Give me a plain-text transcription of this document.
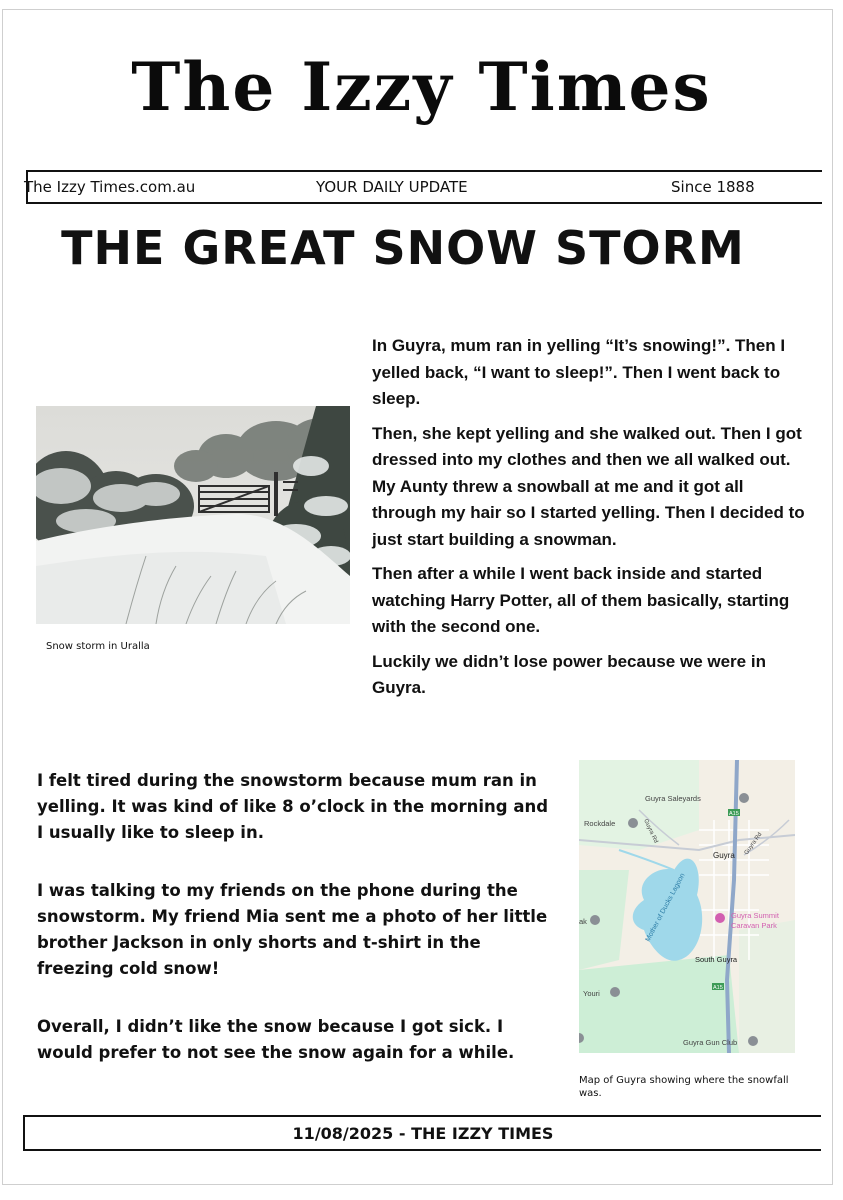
The Izzy Times
The Izzy Times.com.au	YOUR DAILY UPDATE	Since 1888
THE GREAT SNOW STORM
Snow storm in Uralla

In Guyra, mum ran in yelling “It’s snowing!”. Then I yelled back, “I want to sleep!”. Then I went back to sleep.

Then, she kept yelling and she walked out. Then I got dressed into my clothes and then we all walked out. My Aunty threw a snowball at me and it got all through my hair so I started yelling. Then I decided to just start building a snowman.

Then after a while I went back inside and started watching Harry Potter, all of them basically, starting with the second one.

Luckily we didn’t lose power because we were in Guyra.

I felt tired during the snowstorm because mum ran in yelling. It was kind of like 8 o’clock in the morning and I usually like to sleep in.

I was talking to my friends on the phone during the snowstorm. My friend Mia sent me a photo of her little brother Jackson in only shorts and t-shirt in the freezing cold snow!

Overall, I didn’t like the snow because I got sick. I would prefer to not see the snow again for a while.

Guyra Saleyards
Rockdale	Guyra Rd	Guyra Rd
A15
A15
Guyra
Mother of Ducks Lagoon	Guyra Summit
Caravan Park
ak
South Guyra
Youri
Guyra Gun Club
Map of Guyra showing where the snowfall was.
11/08/2025 - THE IZZY TIMES
